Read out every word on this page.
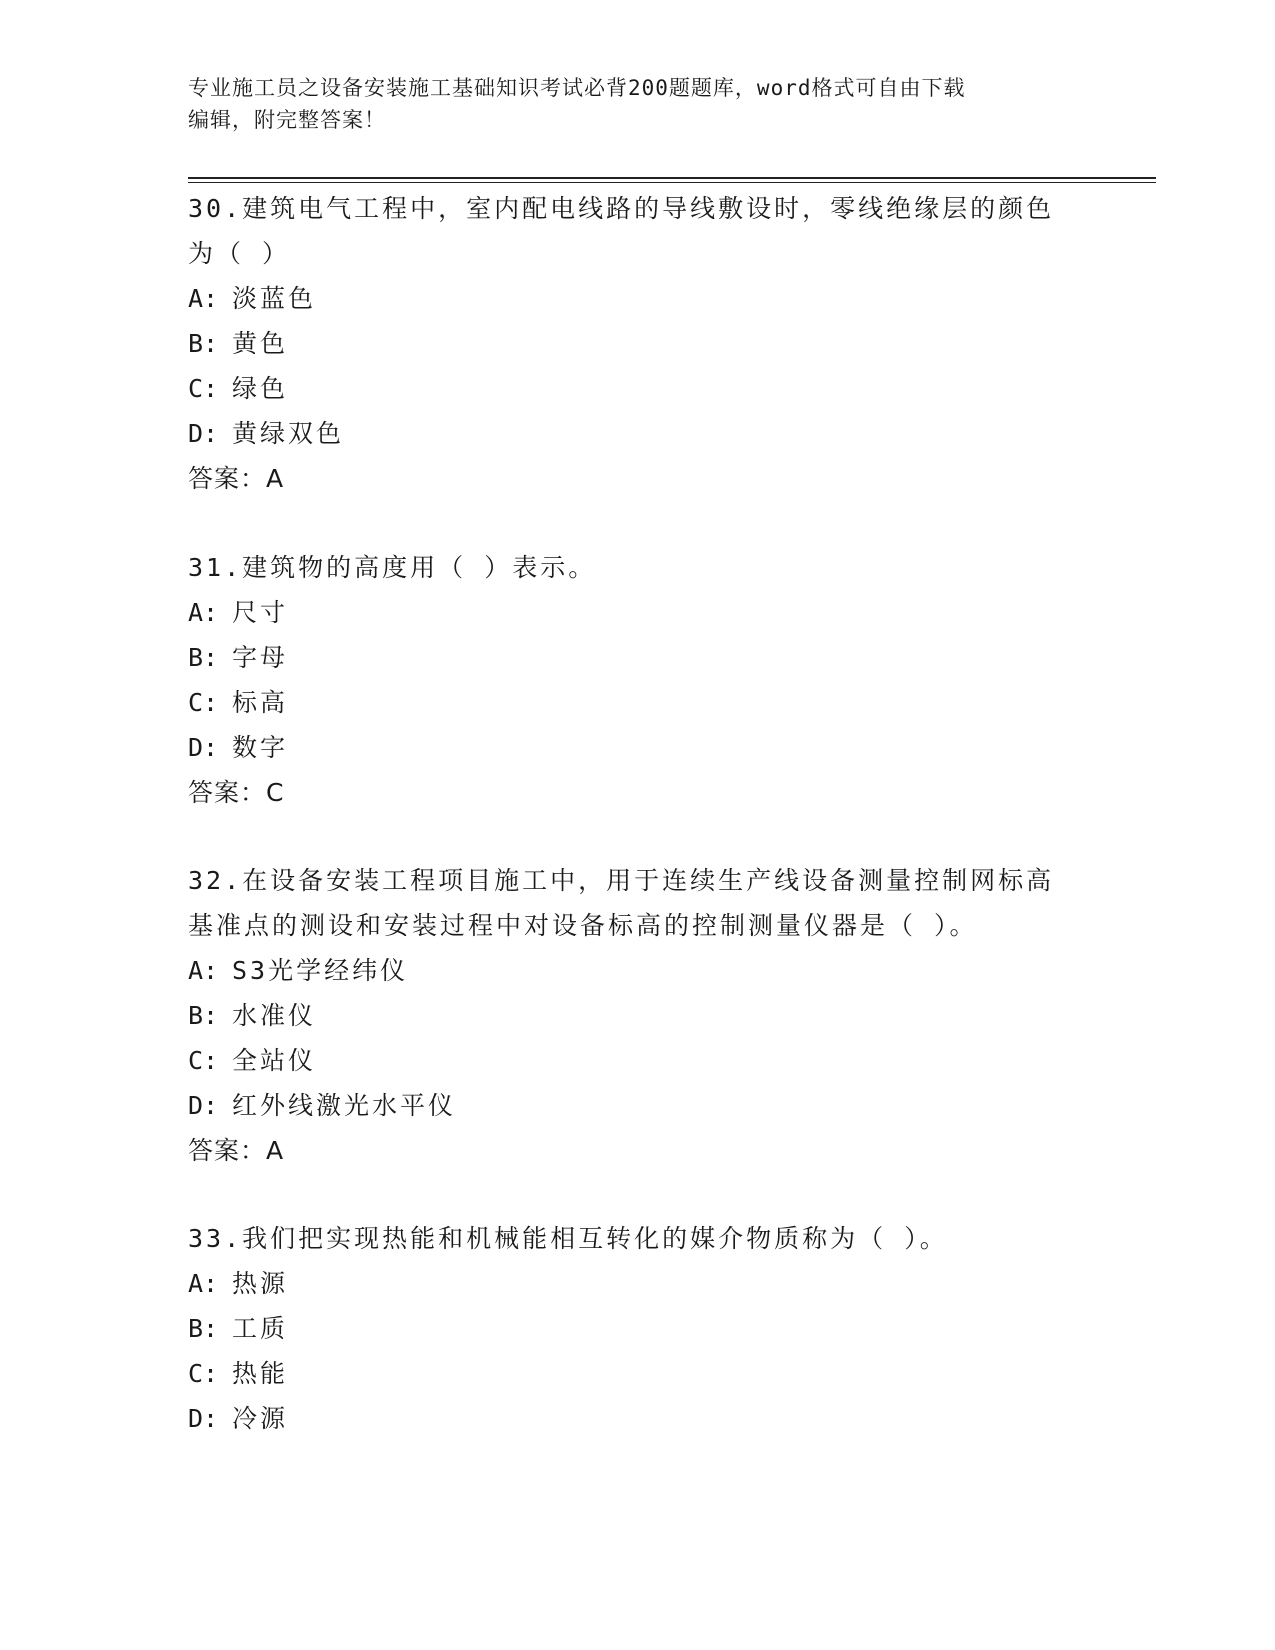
专业施工员之设备安装施工基础知识考试必背200题题库，word格式可自由下载
编辑，附完整答案！
30.建筑电气工程中，室内配电线路的导线敷设时，零线绝缘层的颜色
为（ ）
A: 淡蓝色
B: 黄色
C: 绿色
D: 黄绿双色
答案：A
31.建筑物的高度用（ ）表示。
A: 尺寸
B: 字母
C: 标高
D: 数字
答案：C
32.在设备安装工程项目施工中，用于连续生产线设备测量控制网标高
基准点的测设和安装过程中对设备标高的控制测量仪器是（ ）。
A: S3光学经纬仪
B: 水准仪
C: 全站仪
D: 红外线激光水平仪
答案：A
33.我们把实现热能和机械能相互转化的媒介物质称为（ ）。
A: 热源
B: 工质
C: 热能
D: 冷源
